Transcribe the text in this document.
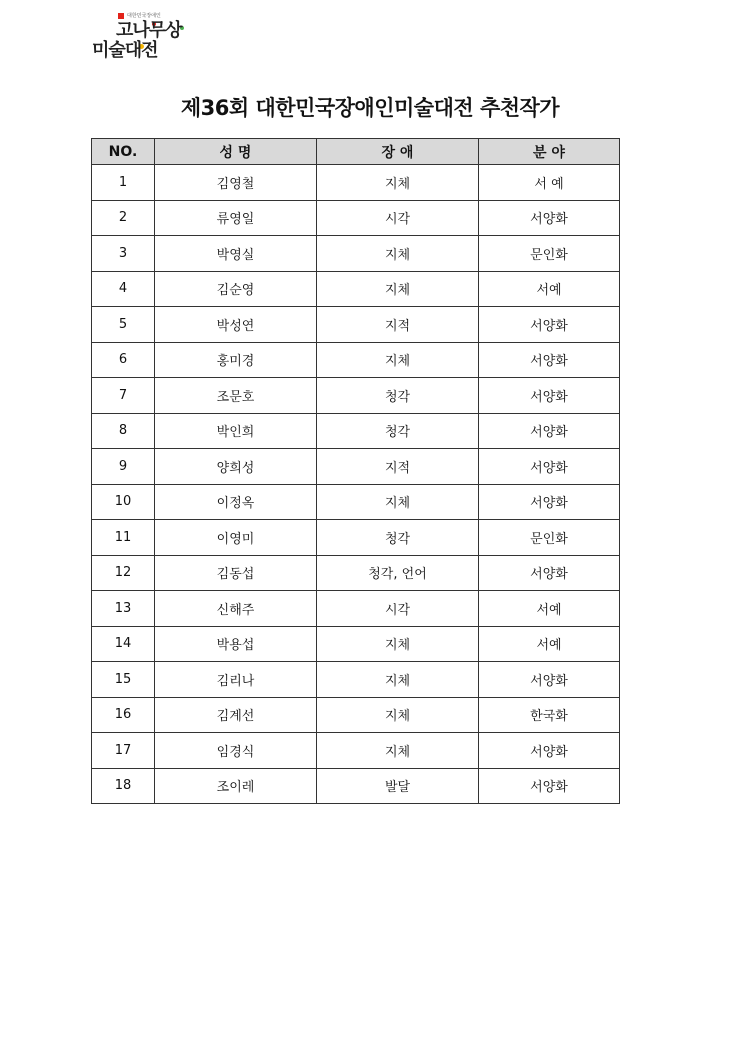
대한민국장애인
고나무상
미술대전
제36회 대한민국장애인미술대전 추천작가
NO.	성 명	장 애	분 야
1	김영철	지체	서 예
2	류영일	시각	서양화
3	박영실	지체	문인화
4	김순영	지체	서예
5	박성연	지적	서양화
6	홍미경	지체	서양화
7	조문호	청각	서양화
8	박인희	청각	서양화
9	양희성	지적	서양화
10	이정옥	지체	서양화
11	이영미	청각	문인화
12	김동섭	청각, 언어	서양화
13	신해주	시각	서예
14	박용섭	지체	서예
15	김리나	지체	서양화
16	김계선	지체	한국화
17	임경식	지체	서양화
18	조이레	발달	서양화
